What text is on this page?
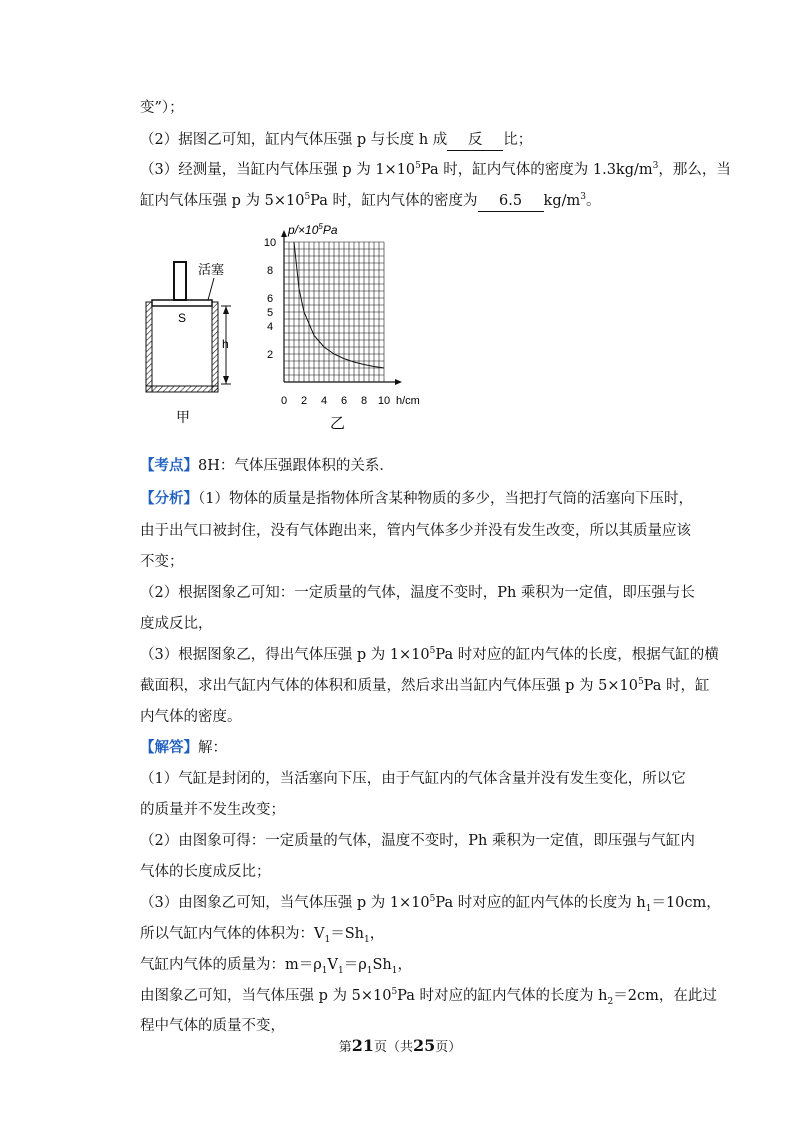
变”）；
（2）据图乙可知，缸内气体压强 p 与长度 h 成 反 比；
（3）经测量，当缸内气体压强 p 为 $1\times 10^5Pa$ 时，缸内气体的密度为 $1.3kg/m^3$，那么，当
缸内气体压强 p 为 $5\times 10^5Pa$ 时，缸内气体的密度为 6.5 $kg/m^3$。
活塞
S
h
甲
10
8
6
5
4
2
0 2 4 6 8 10
$p/\times 10^5Pa$
h/cm
乙
【考点】8H：气体压强跟体积的关系．
【分析】（1）物体的质量是指物体所含某种物质的多少，当把打气筒的活塞向下压时，
由于出气口被封住，没有气体跑出来，管内气体多少并没有发生改变，所以其质量应该
不变；
（2）根据图象乙可知：一定质量的气体，温度不变时，Ph 乘积为一定值，即压强与长
度成反比，
（3）根据图象乙，得出气体压强 p 为 $1\times 10^5Pa$ 时对应的缸内气体的长度，根据气缸的横
截面积，求出气缸内气体的体积和质量，然后求出当缸内气体压强 p 为 $5\times 10^5Pa$ 时，缸
内气体的密度。
【解答】解：
（1）气缸是封闭的，当活塞向下压，由于气缸内的气体含量并没有发生变化，所以它
的质量并不发生改变；
（2）由图象可得：一定质量的气体，温度不变时，Ph 乘积为一定值，即压强与气缸内
气体的长度成反比；
（3）由图象乙可知，当气体压强 p 为 $1\times 10^5Pa$ 时对应的缸内气体的长度为 $h_1=10cm$，
所以气缸内气体的体积为：$V_1=Sh_1$，
气缸内气体的质量为：$m=\rho_1V_1=\rho_1Sh_1$，
由图象乙可知，当气体压强 p 为 $5\times 10^5Pa$ 时对应的缸内气体的长度为 $h_2=2cm$，在此过
程中气体的质量不变，
第21页（共25页）
